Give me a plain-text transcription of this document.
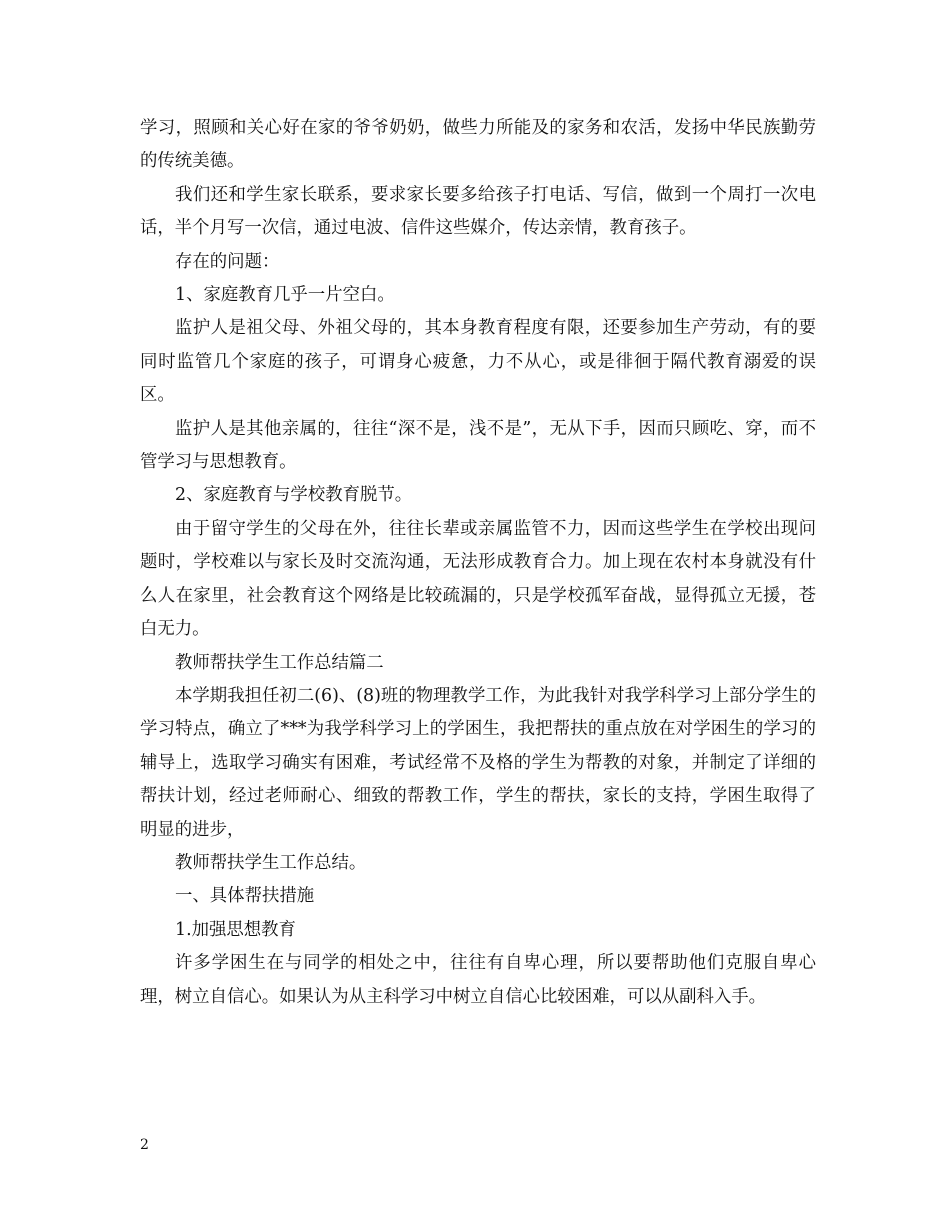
学习，照顾和关心好在家的爷爷奶奶，做些力所能及的家务和农活，发扬中华民族勤劳的传统美德。

我们还和学生家长联系，要求家长要多给孩子打电话、写信，做到一个周打一次电话，半个月写一次信，通过电波、信件这些媒介，传达亲情，教育孩子。

存在的问题：

1、家庭教育几乎一片空白。

监护人是祖父母、外祖父母的，其本身教育程度有限，还要参加生产劳动，有的要同时监管几个家庭的孩子，可谓身心疲惫，力不从心，或是徘徊于隔代教育溺爱的误区。

监护人是其他亲属的，往往“深不是，浅不是”，无从下手，因而只顾吃、穿，而不管学习与思想教育。

2、家庭教育与学校教育脱节。

由于留守学生的父母在外，往往长辈或亲属监管不力，因而这些学生在学校出现问题时，学校难以与家长及时交流沟通，无法形成教育合力。加上现在农村本身就没有什么人在家里，社会教育这个网络是比较疏漏的，只是学校孤军奋战，显得孤立无援，苍白无力。

教师帮扶学生工作总结篇二

本学期我担任初二(6)、(8)班的物理教学工作，为此我针对我学科学习上部分学生的学习特点，确立了***为我学科学习上的学困生，我把帮扶的重点放在对学困生的学习的辅导上，选取学习确实有困难，考试经常不及格的学生为帮教的对象，并制定了详细的帮扶计划，经过老师耐心、细致的帮教工作，学生的帮扶，家长的支持，学困生取得了明显的进步，

教师帮扶学生工作总结。

一、具体帮扶措施

1.加强思想教育

许多学困生在与同学的相处之中，往往有自卑心理，所以要帮助他们克服自卑心理，树立自信心。如果认为从主科学习中树立自信心比较困难，可以从副科入手。

2
